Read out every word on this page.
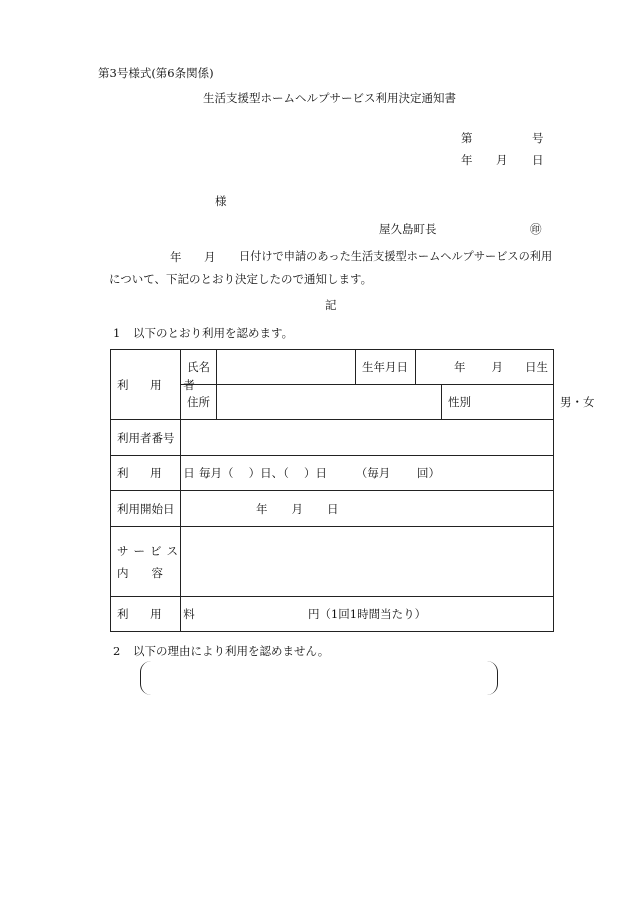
第3号様式(第6条関係)
生活支援型ホームヘルプサービス利用決定通知書
第	号
年 月 日
様
屋久島町長	㊞
年 月 日付けで申請のあった生活支援型ホームヘルプサービスの利用
について、下記のとおり決定したので通知します。
記
1 以下のとおり利用を認めます。
利 用 者	氏名		生年月日	年 月 日生		
	住所				性別	男・女
利用者番号						
利 用 日	毎月（　 ）日、（　 ）日　　　（毎月　　 回）					
利用開始日	年 月 日					

サービス
内　　容						

利 用 料	円（1回1時間当たり）					
2 以下の理由により利用を認めません。
